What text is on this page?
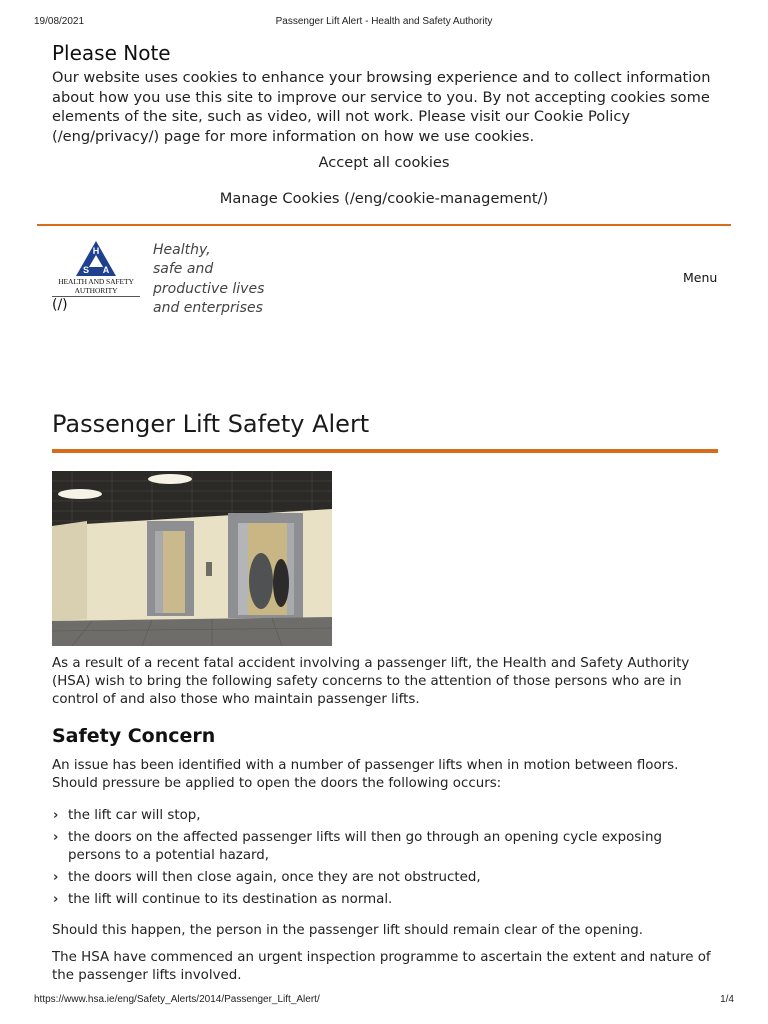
19/08/2021	Passenger Lift Alert - Health and Safety Authority
Please Note

Our website uses cookies to enhance your browsing experience and to collect information about how you use this site to improve our service to you. By not accepting cookies some elements of the site, such as video, will not work. Please visit our Cookie Policy (/eng/privacy/) page for more information on how we use cookies.

Accept all cookies
Manage Cookies (/eng/cookie-management/)
H
S A
HEALTH AND SAFETY
AUTHORITY
(/)
Healthy,
safe and
productive lives
and enterprises
Menu
Passenger Lift Safety Alert
As a result of a recent fatal accident involving a passenger lift, the Health and Safety Authority (HSA) wish to bring the following safety concerns to the attention of those persons who are in control of and also those who maintain passenger lifts.
Safety Concern
An issue has been identified with a number of passenger lifts when in motion between floors. Should pressure be applied to open the doors the following occurs:
› the lift car will stop,
› the doors on the affected passenger lifts will then go through an opening cycle exposing persons to a potential hazard,
› the doors will then close again, once they are not obstructed,
› the lift will continue to its destination as normal.
Should this happen, the person in the passenger lift should remain clear of the opening.
The HSA have commenced an urgent inspection programme to ascertain the extent and nature of the passenger lifts involved.
https://www.hsa.ie/eng/Safety_Alerts/2014/Passenger_Lift_Alert/	1/4
